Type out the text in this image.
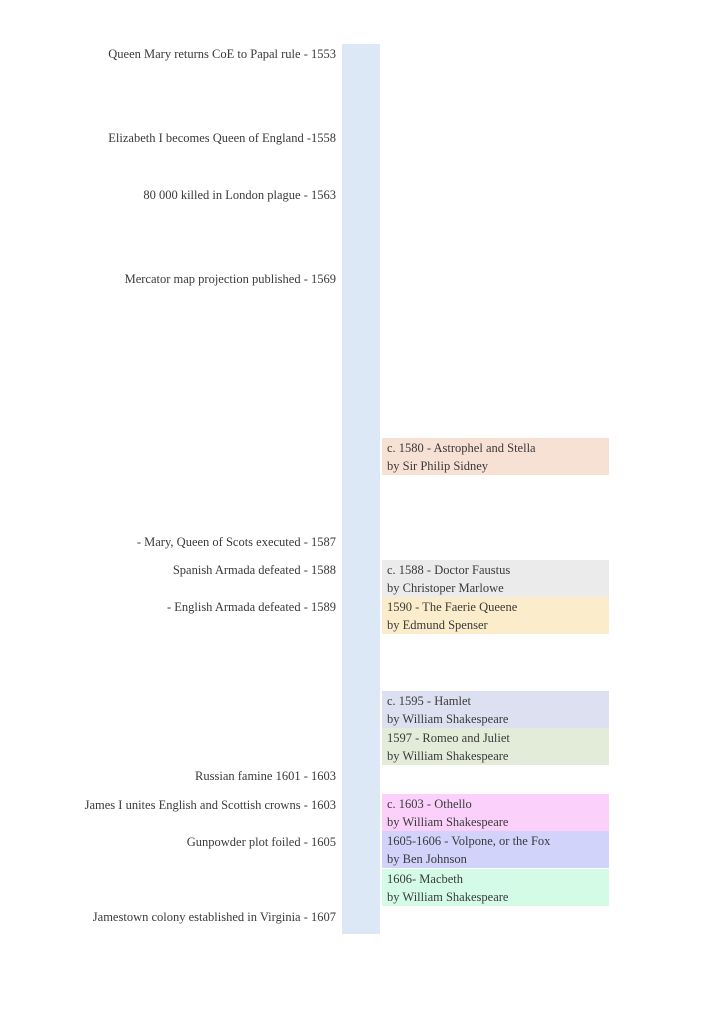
Queen Mary returns CoE to Papal rule - 1553
Elizabeth I becomes Queen of England -1558
80 000 killed in London plague - 1563
Mercator map projection published - 1569
- Mary, Queen of Scots executed - 1587
Spanish Armada defeated - 1588
- English Armada defeated - 1589
Russian famine 1601 - 1603
James I unites English and Scottish crowns - 1603
Gunpowder plot foiled - 1605
Jamestown colony established in Virginia - 1607
c. 1580 - Astrophel and Stella
by Sir Philip Sidney
c. 1588 - Doctor Faustus
by Christoper Marlowe
1590 - The Faerie Queene
by Edmund Spenser
c. 1595 - Hamlet
by William Shakespeare
1597 - Romeo and Juliet
by William Shakespeare
c. 1603 - Othello
by William Shakespeare
1605-1606 - Volpone, or the Fox
by Ben Johnson
1606- Macbeth
by William Shakespeare
